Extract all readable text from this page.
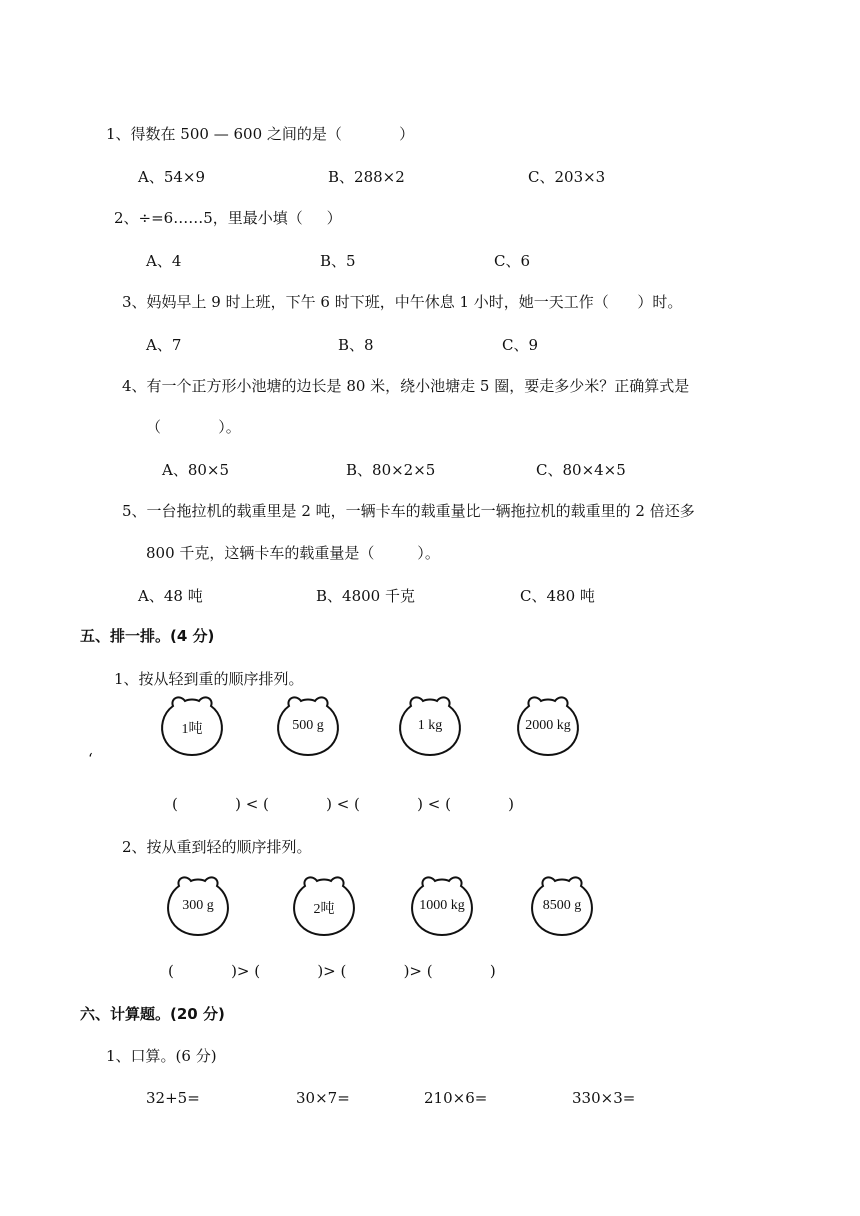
1、得数在 500 — 600 之间的是（            ）
A、54×9	B、288×2	C、203×3
2、÷=6……5，里最小填（     ）
A、4	B、5	C、6
3、妈妈早上 9 时上班，下午 6 时下班，中午休息 1 小时，她一天工作（      ）时。
A、7	B、8	C、9
4、有一个正方形小池塘的边长是 80 米，绕小池塘走 5 圈，要走多少米？正确算式是
（            ）。
A、80×5	B、80×2×5	C、80×4×5
5、一台拖拉机的载重里是 2 吨，一辆卡车的载重量比一辆拖拉机的载重里的 2 倍还多
800 千克，这辆卡车的载重量是（         ）。
A、48 吨	B、4800 千克	C、480 吨
五、排一排。(4 分)
1、按从轻到重的顺序排列。
1吨	500 g	1 kg	2000 kg
‘
(            ) < (            ) < (            ) < (            )
2、按从重到轻的顺序排列。
300 g	2吨	1000 kg	8500 g
(            )> (            )> (            )> (            )
六、计算题。(20 分)
1、口算。(6 分)
32+5=	30×7=	210×6=	330×3=
